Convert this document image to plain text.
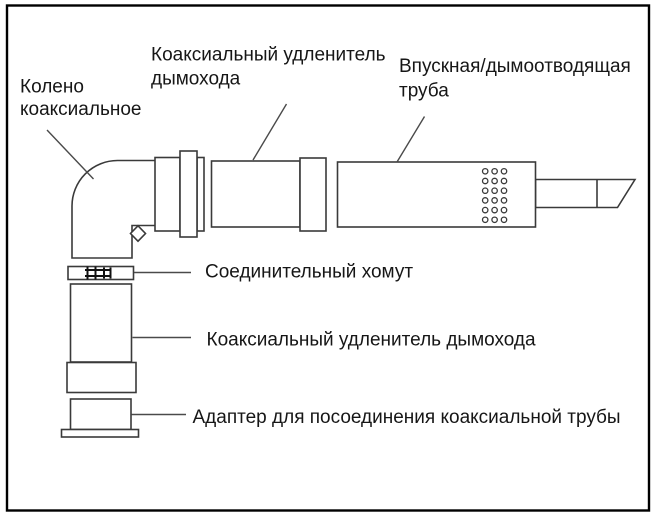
Колено
коаксиальное
Коаксиальный удленитель
дымохода
Впускная/дымоотводящая
труба
Соединительный хомут
Коаксиальный удленитель дымохода
Адаптер для посоединения коаксиальной трубы
